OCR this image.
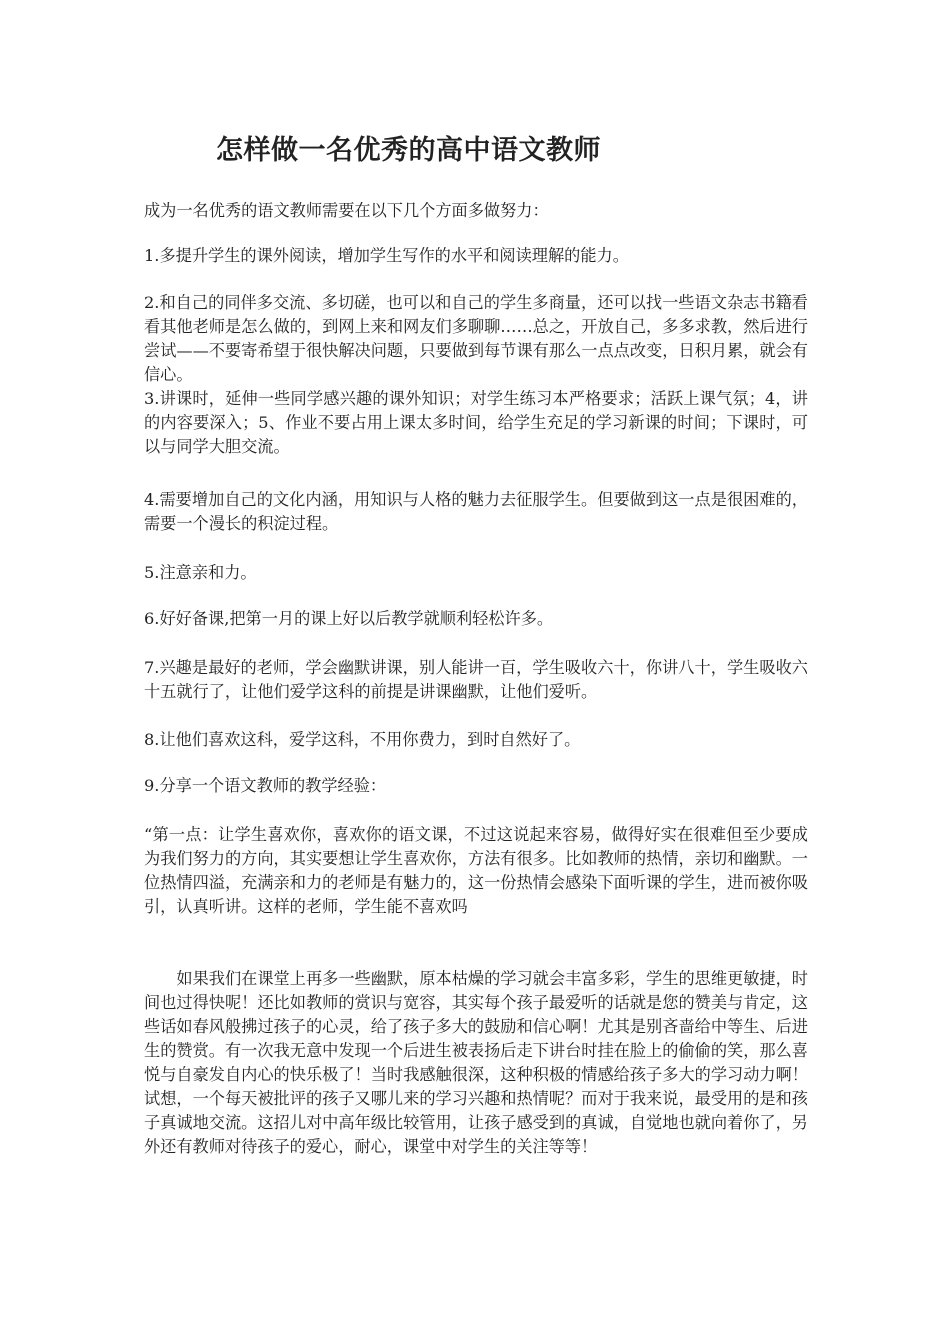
怎样做一名优秀的高中语文教师

成为一名优秀的语文教师需要在以下几个方面多做努力：

1.多提升学生的课外阅读，增加学生写作的水平和阅读理解的能力。

2.和自己的同伴多交流、多切磋，也可以和自己的学生多商量，还可以找一些语文杂志书籍看看其他老师是怎么做的，到网上来和网友们多聊聊……总之，开放自己，多多求教，然后进行尝试——不要寄希望于很快解决问题，只要做到每节课有那么一点点改变，日积月累，就会有信心。

3.讲课时，延伸一些同学感兴趣的课外知识；对学生练习本严格要求；活跃上课气氛；4，讲的内容要深入；5、作业不要占用上课太多时间，给学生充足的学习新课的时间；下课时，可以与同学大胆交流。

4.需要增加自己的文化内涵，用知识与人格的魅力去征服学生。但要做到这一点是很困难的，需要一个漫长的积淀过程。

5.注意亲和力。

6.好好备课,把第一月的课上好以后教学就顺利轻松许多。

7.兴趣是最好的老师，学会幽默讲课，别人能讲一百，学生吸收六十，你讲八十，学生吸收六十五就行了，让他们爱学这科的前提是讲课幽默，让他们爱听。

8.让他们喜欢这科，爱学这科，不用你费力，到时自然好了。

9.分享一个语文教师的教学经验：

“第一点：让学生喜欢你，喜欢你的语文课，不过这说起来容易，做得好实在很难但至少要成为我们努力的方向，其实要想让学生喜欢你，方法有很多。比如教师的热情，亲切和幽默。一位热情四溢，充满亲和力的老师是有魅力的，这一份热情会感染下面听课的学生，进而被你吸引，认真听讲。这样的老师，学生能不喜欢吗

如果我们在课堂上再多一些幽默，原本枯燥的学习就会丰富多彩，学生的思维更敏捷，时间也过得快呢！还比如教师的赏识与宽容，其实每个孩子最爱听的话就是您的赞美与肯定，这些话如春风般拂过孩子的心灵，给了孩子多大的鼓励和信心啊！尤其是别吝啬给中等生、后进生的赞赏。有一次我无意中发现一个后进生被表扬后走下讲台时挂在脸上的偷偷的笑，那么喜悦与自豪发自内心的快乐极了！当时我感触很深，这种积极的情感给孩子多大的学习动力啊！试想，一个每天被批评的孩子又哪儿来的学习兴趣和热情呢？而对于我来说，最受用的是和孩子真诚地交流。这招儿对中高年级比较管用，让孩子感受到的真诚，自觉地也就向着你了，另外还有教师对待孩子的爱心，耐心，课堂中对学生的关注等等！
